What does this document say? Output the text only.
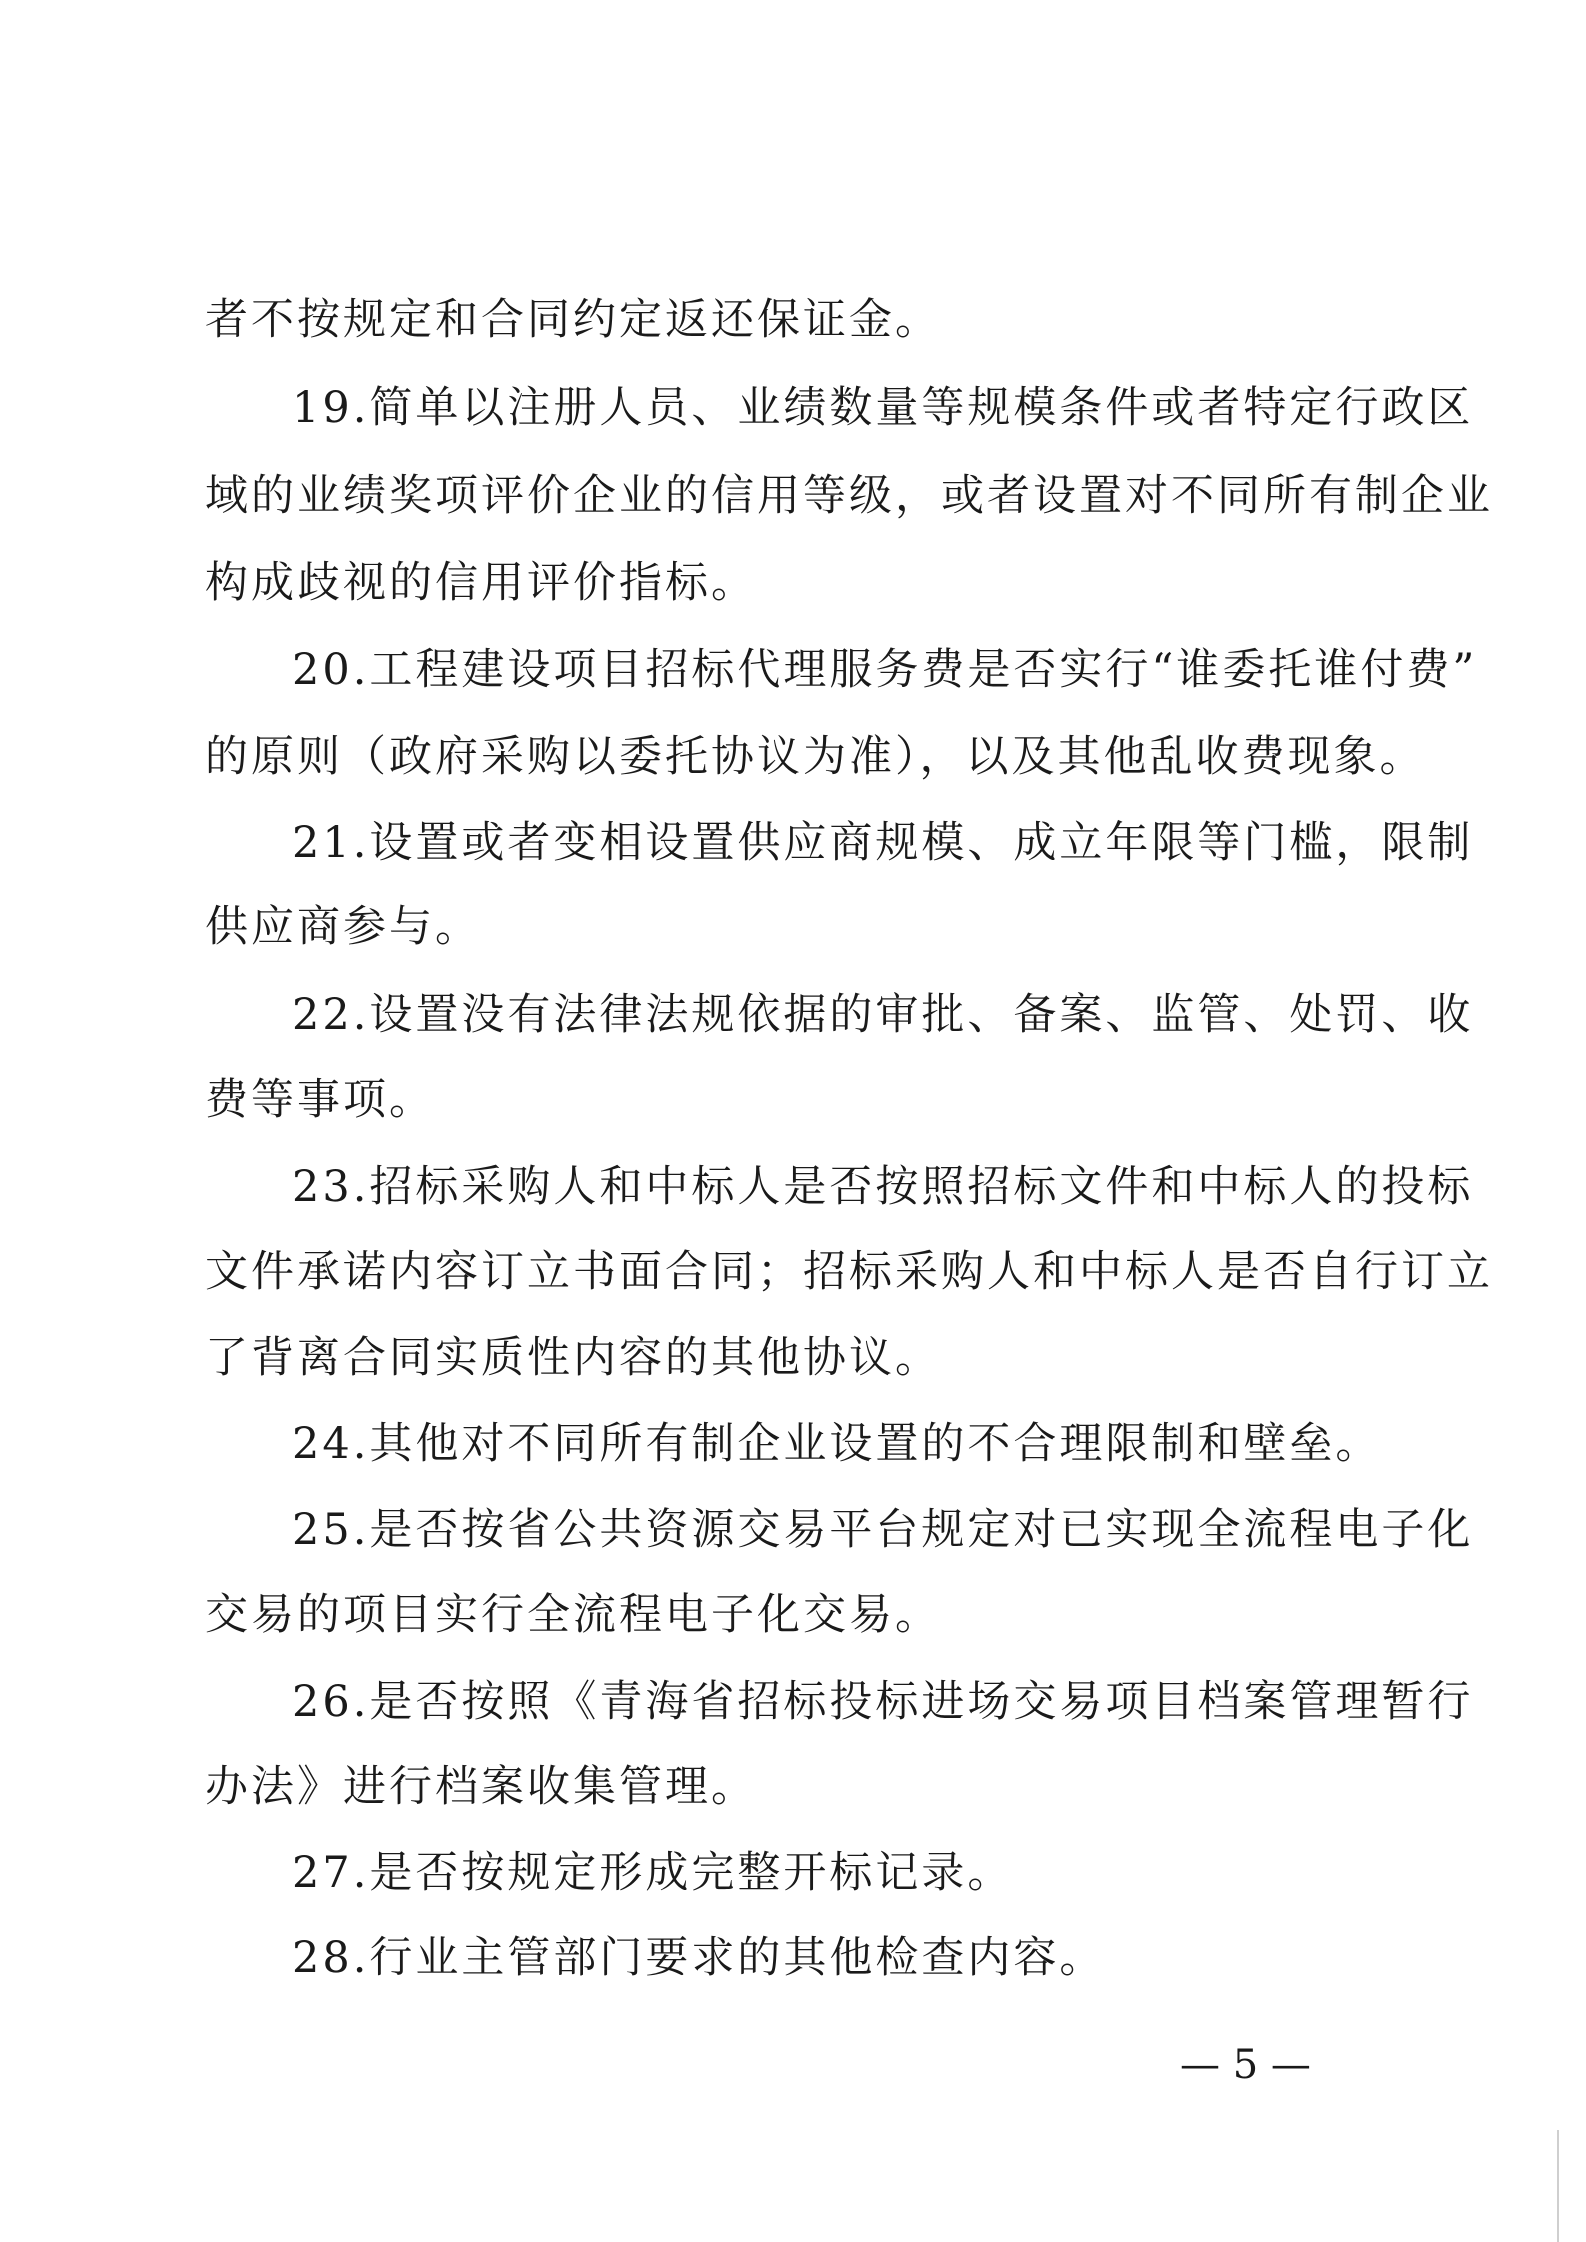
者不按规定和合同约定返还保证金。
19.简单以注册人员、业绩数量等规模条件或者特定行政区
域的业绩奖项评价企业的信用等级，或者设置对不同所有制企业
构成歧视的信用评价指标。
20.工程建设项目招标代理服务费是否实行“谁委托谁付费”
的原则（政府采购以委托协议为准），以及其他乱收费现象。
21.设置或者变相设置供应商规模、成立年限等门槛，限制
供应商参与。
22.设置没有法律法规依据的审批、备案、监管、处罚、收
费等事项。
23.招标采购人和中标人是否按照招标文件和中标人的投标
文件承诺内容订立书面合同；招标采购人和中标人是否自行订立
了背离合同实质性内容的其他协议。
24.其他对不同所有制企业设置的不合理限制和壁垒。
25.是否按省公共资源交易平台规定对已实现全流程电子化
交易的项目实行全流程电子化交易。
26.是否按照《青海省招标投标进场交易项目档案管理暂行
办法》进行档案收集管理。
27.是否按规定形成完整开标记录。
28.行业主管部门要求的其他检查内容。
— 5 —
